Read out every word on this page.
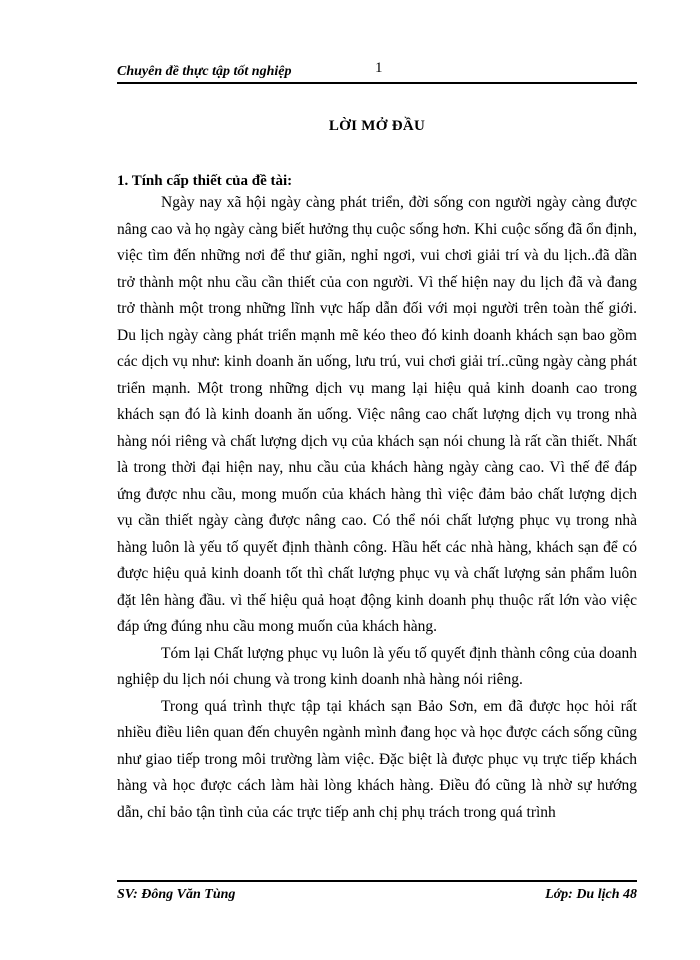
Chuyên đề thực tập tốt nghiệp	1
LỜI MỞ ĐẦU
1. Tính cấp thiết của đề tài:

Ngày nay xã hội ngày càng phát triển, đời sống con người ngày càng được nâng cao và họ ngày càng biết hưởng thụ cuộc sống hơn. Khi cuộc sống đã ổn định, việc tìm đến những nơi để thư giãn, nghỉ ngơi, vui chơi giải trí và du lịch..đã dần trở thành một nhu cầu cần thiết của con người. Vì thế hiện nay du lịch đã và đang trở thành một trong những lĩnh vực hấp dẫn đối với mọi người trên toàn thế giới. Du lịch ngày càng phát triển mạnh mẽ kéo theo đó kinh doanh khách sạn bao gồm các dịch vụ như: kinh doanh ăn uống, lưu trú, vui chơi giải trí..cũng ngày càng phát triển mạnh. Một trong những dịch vụ mang lại hiệu quả kinh doanh cao trong khách sạn đó là kinh doanh ăn uống. Việc nâng cao chất lượng dịch vụ trong nhà hàng nói riêng và chất lượng dịch vụ của khách sạn nói chung là rất cần thiết. Nhất là trong thời đại hiện nay, nhu cầu của khách hàng ngày càng cao. Vì thế để đáp ứng được nhu cầu, mong muốn của khách hàng thì việc đảm bảo chất lượng dịch vụ cần thiết ngày càng được nâng cao. Có thể nói chất lượng phục vụ trong nhà hàng luôn là yếu tố quyết định thành công. Hầu hết các nhà hàng, khách sạn để có được hiệu quả kinh doanh tốt thì chất lượng phục vụ và chất lượng sản phẩm luôn đặt lên hàng đầu. vì thế hiệu quả hoạt động kinh doanh phụ thuộc rất lớn vào việc đáp ứng đúng nhu cầu mong muốn của khách hàng.

Tóm lại Chất lượng phục vụ luôn là yếu tố quyết định thành công của doanh nghiệp du lịch nói chung và trong kinh doanh nhà hàng nói riêng.

Trong quá trình thực tập tại khách sạn Bảo Sơn, em đã được học hỏi rất nhiều điều liên quan đến chuyên ngành mình đang học và học được cách sống cũng như giao tiếp trong môi trường làm việc. Đặc biệt là được phục vụ trực tiếp khách hàng và học được cách làm hài lòng khách hàng. Điều đó cũng là nhờ sự hướng dẫn, chỉ bảo tận tình của các trực tiếp anh chị phụ trách trong quá trình

SV: Đông Văn Tùng	Lớp: Du lịch 48
